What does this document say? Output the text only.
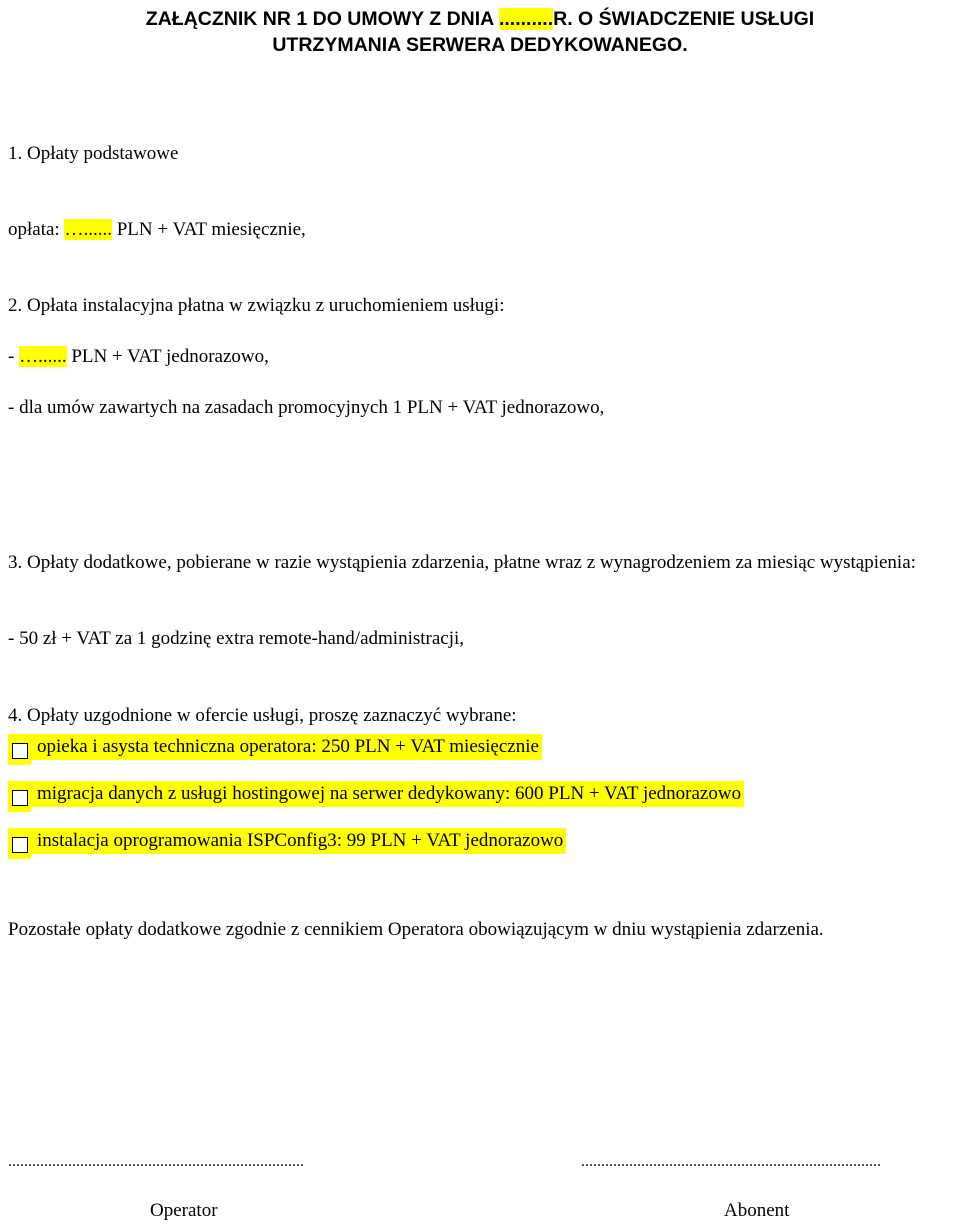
ZAŁĄCZNIK NR 1 DO UMOWY Z DNIA ..........R. O ŚWIADCZENIE USŁUGI
UTRZYMANIA SERWERA DEDYKOWANEGO.
1. Opłaty podstawowe
opłata: …...... PLN + VAT miesięcznie,
2. Opłata instalacyjna płatna w związku z uruchomieniem usługi:
- …...... PLN + VAT jednorazowo,
- dla umów zawartych na zasadach promocyjnych 1 PLN + VAT jednorazowo,
3. Opłaty dodatkowe, pobierane w razie wystąpienia zdarzenia, płatne wraz z wynagrodzeniem za miesiąc wystąpienia:
- 50 zł + VAT za 1 godzinę extra remote-hand/administracji,
4. Opłaty uzgodnione w ofercie usługi, proszę zaznaczyć wybrane:
opieka i asysta techniczna operatora: 250 PLN + VAT miesięcznie
migracja danych z usługi hostingowej na serwer dedykowany: 600 PLN + VAT jednorazowo
instalacja oprogramowania ISPConfig3: 99 PLN + VAT jednorazowo
Pozostałe opłaty dodatkowe zgodnie z cennikiem Operatora obowiązującym w dniu wystąpienia zdarzenia.
..........................................................................	...........................................................................
Operator	Abonent
